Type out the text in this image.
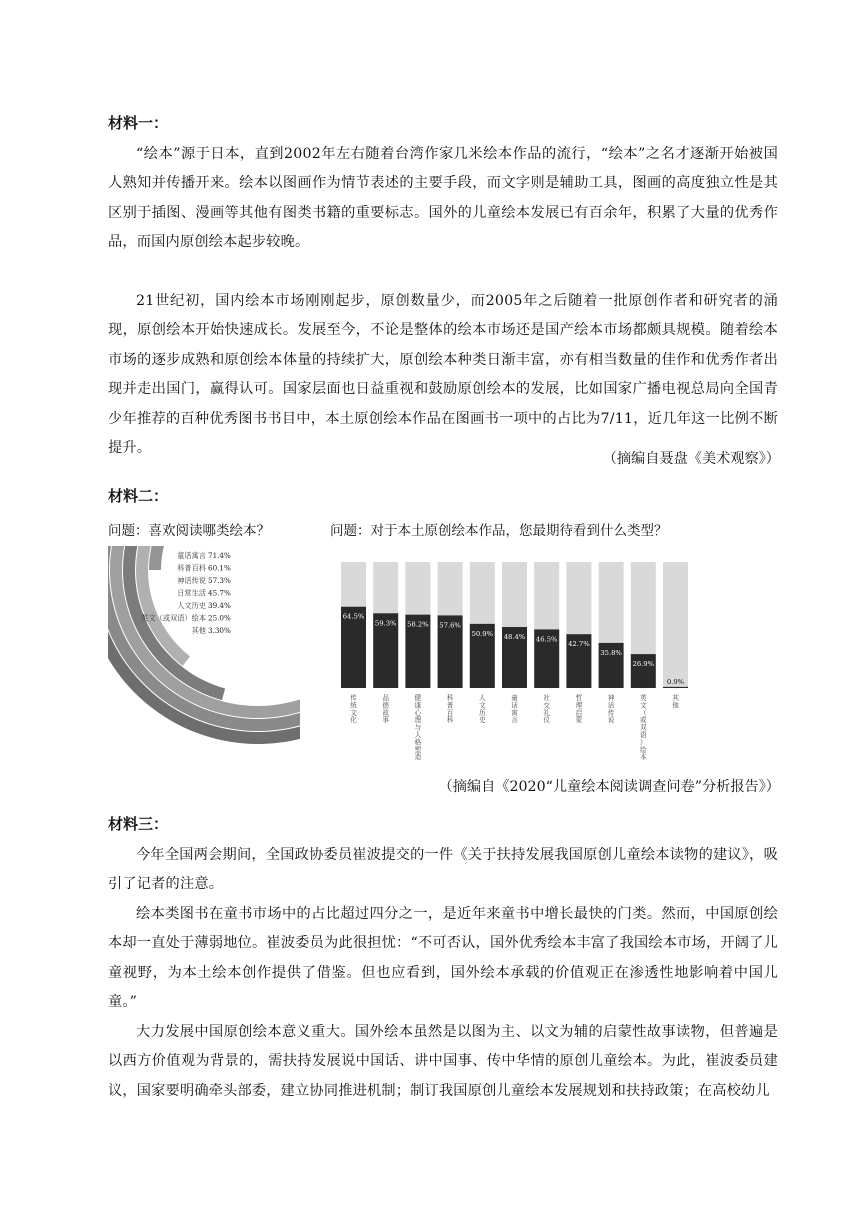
材料一：
“绘本”源于日本，直到2002年左右随着台湾作家几米绘本作品的流行，“绘本”之名才逐渐开始被国人熟知并传播开来。绘本以图画作为情节表述的主要手段，而文字则是辅助工具，图画的高度独立性是其区别于插图、漫画等其他有图类书籍的重要标志。国外的儿童绘本发展已有百余年，积累了大量的优秀作品，而国内原创绘本起步较晚。
21世纪初，国内绘本市场刚刚起步，原创数量少，而2005年之后随着一批原创作者和研究者的涌现，原创绘本开始快速成长。发展至今，不论是整体的绘本市场还是国产绘本市场都颇具规模。随着绘本市场的逐步成熟和原创绘本体量的持续扩大，原创绘本种类日渐丰富，亦有相当数量的佳作和优秀作者出现并走出国门，赢得认可。国家层面也日益重视和鼓励原创绘本的发展，比如国家广播电视总局向全国青少年推荐的百种优秀图书书目中，本土原创绘本作品在图画书一项中的占比为7/11，近几年这一比例不断提升。
（摘编自聂盘《美术观察》）
材料二：
问题：喜欢阅读哪类绘本？	问题：对于本土原创绘本作品，您最期待看到什么类型？
童话寓言 71.4%
科普百科 60.1%
神话传说 57.3%
日常生活 45.7%
人文历史 39.4%
英文（或双语）绘本 25.0%
其他 3.30%
64.5%
传
统
文
化
59.3%
品
德
故
事
58.2%
健
康
心
理
与
人
格
塑
造
57.6%
科
普
百
科
50.9%
人
文
历
史
48.4%
童
话
寓
言
46.5%
社
交
礼
仪
42.7%
哲
理
启
蒙
35.8%
神
话
传
说
26.9%
英
文
（
或
双
语
）
绘
本
0.9%
其
他
（摘编自《2020“儿童绘本阅读调查问卷”分析报告》）
材料三：
今年全国两会期间，全国政协委员崔波提交的一件《关于扶持发展我国原创儿童绘本读物的建议》，吸引了记者的注意。
绘本类图书在童书市场中的占比超过四分之一，是近年来童书中增长最快的门类。然而，中国原创绘本却一直处于薄弱地位。崔波委员为此很担忧：“不可否认，国外优秀绘本丰富了我国绘本市场，开阔了儿童视野，为本土绘本创作提供了借鉴。但也应看到，国外绘本承载的价值观正在渗透性地影响着中国儿童。”
大力发展中国原创绘本意义重大。国外绘本虽然是以图为主、以文为辅的启蒙性故事读物，但普遍是以西方价值观为背景的，需扶持发展说中国话、讲中国事、传中华情的原创儿童绘本。为此，崔波委员建议，国家要明确牵头部委，建立协同推进机制；制订我国原创儿童绘本发展规划和扶持政策；在高校幼儿
